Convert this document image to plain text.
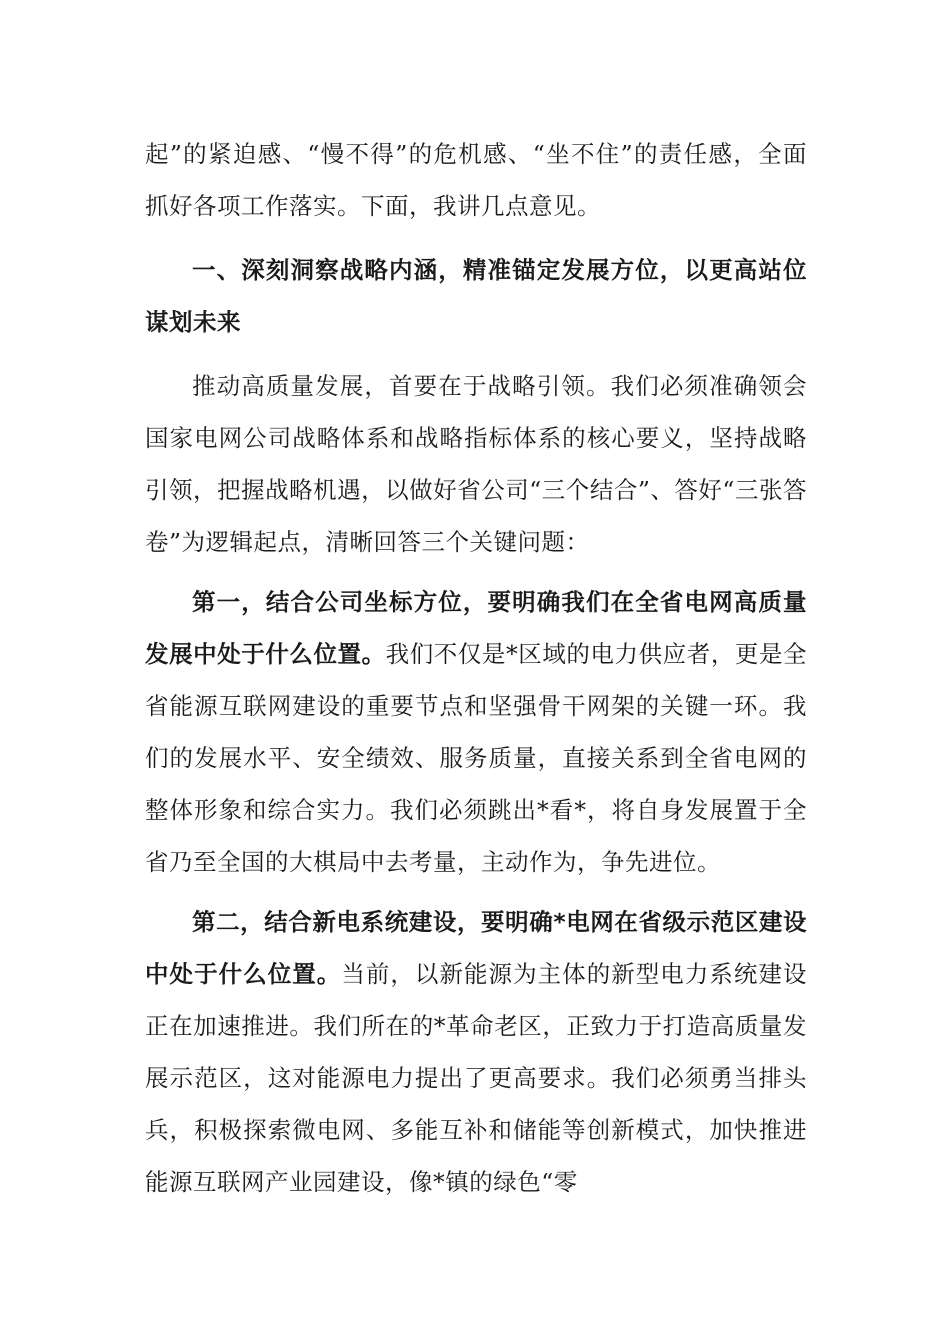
起”的紧迫感、“慢不得”的危机感、“坐不住”的责任感，全面抓好各项工作落实。下面，我讲几点意见。

一、深刻洞察战略内涵，精准锚定发展方位，以更高站位谋划未来

推动高质量发展，首要在于战略引领。我们必须准确领会国家电网公司战略体系和战略指标体系的核心要义，坚持战略引领，把握战略机遇，以做好省公司“三个结合”、答好“三张答卷”为逻辑起点，清晰回答三个关键问题：

第一，结合公司坐标方位，要明确我们在全省电网高质量发展中处于什么位置。我们不仅是*区域的电力供应者，更是全省能源互联网建设的重要节点和坚强骨干网架的关键一环。我们的发展水平、安全绩效、服务质量，直接关系到全省电网的整体形象和综合实力。我们必须跳出*看*，将自身发展置于全省乃至全国的大棋局中去考量，主动作为，争先进位。

第二，结合新电系统建设，要明确*电网在省级示范区建设中处于什么位置。当前，以新能源为主体的新型电力系统建设正在加速推进。我们所在的*革命老区，正致力于打造高质量发展示范区，这对能源电力提出了更高要求。我们必须勇当排头兵，积极探索微电网、多能互补和储能等创新模式，加快推进能源互联网产业园建设，像*镇的绿色“零
